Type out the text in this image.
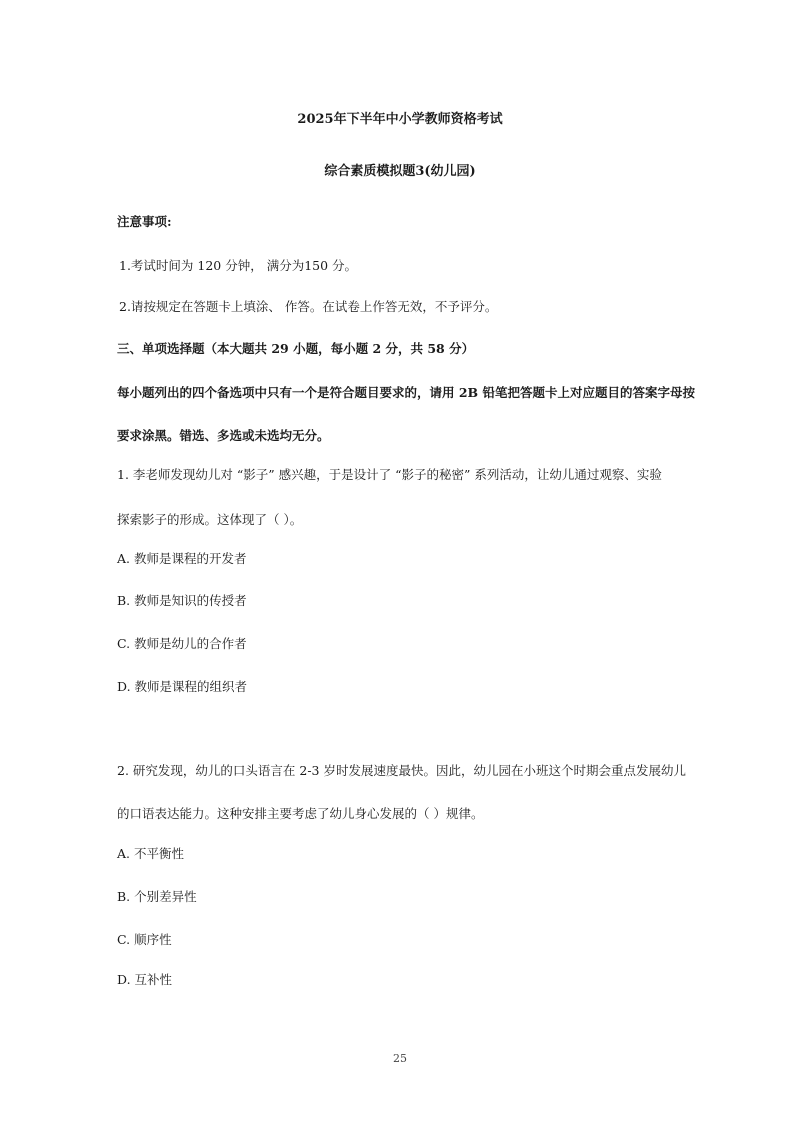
2025年下半年中小学教师资格考试
综合素质模拟题3(幼儿园)
注意事项:
1.考试时间为 120 分钟， 满分为150 分。
2.请按规定在答题卡上填涂、 作答。在试卷上作答无效，不予评分。
三、单项选择题（本大题共 29 小题，每小题 2 分，共 58 分）
每小题列出的四个备选项中只有一个是符合题目要求的，请用 2B 铅笔把答题卡上对应题目的答案字母按
要求涂黑。错选、多选或未选均无分。
1. 李老师发现幼儿对 “影子” 感兴趣，于是设计了 “影子的秘密” 系列活动，让幼儿通过观察、实验
探索影子的形成。这体现了（ ）。
A. 教师是课程的开发者
B. 教师是知识的传授者
C. 教师是幼儿的合作者
D. 教师是课程的组织者
2. 研究发现，幼儿的口头语言在 2-3 岁时发展速度最快。因此，幼儿园在小班这个时期会重点发展幼儿
的口语表达能力。这种安排主要考虑了幼儿身心发展的（ ）规律。
A. 不平衡性
B. 个别差异性
C. 顺序性
D. 互补性
25
